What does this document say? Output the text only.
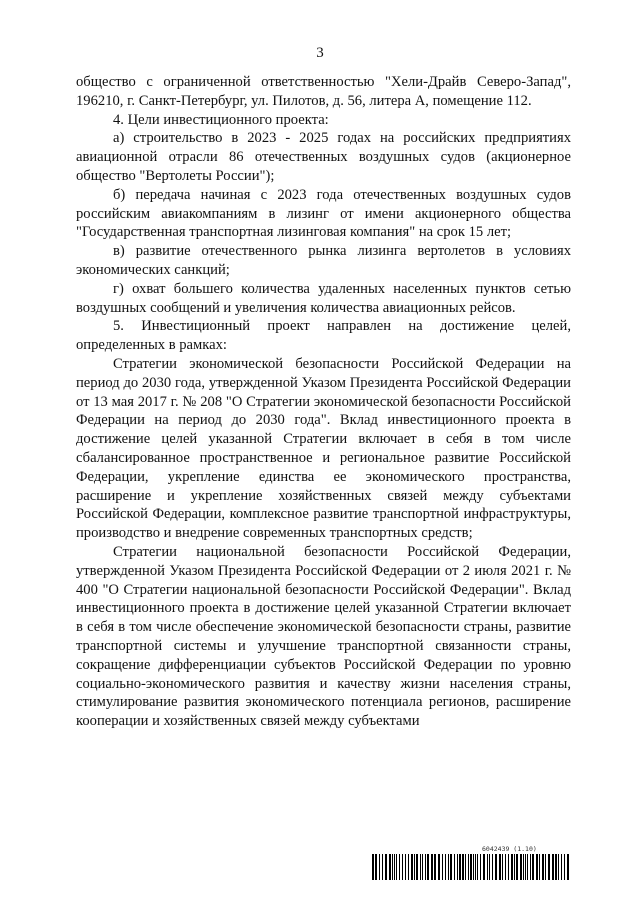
3

общество с ограниченной ответственностью "Хели-Драйв Северо-Запад", 196210, г. Санкт-Петербург, ул. Пилотов, д. 56, литера А, помещение 112.

4. Цели инвестиционного проекта:

а) строительство в 2023 - 2025 годах на российских предприятиях авиационной отрасли 86 отечественных воздушных судов (акционерное общество "Вертолеты России");

б) передача начиная с 2023 года отечественных воздушных судов российским авиакомпаниям в лизинг от имени акционерного общества "Государственная транспортная лизинговая компания" на срок 15 лет;

в) развитие отечественного рынка лизинга вертолетов в условиях экономических санкций;

г) охват большего количества удаленных населенных пунктов сетью воздушных сообщений и увеличения количества авиационных рейсов.

5. Инвестиционный проект направлен на достижение целей, определенных в рамках:

Стратегии экономической безопасности Российской Федерации на период до 2030 года, утвержденной Указом Президента Российской Федерации от 13 мая 2017 г. № 208 "О Стратегии экономической безопасности Российской Федерации на период до 2030 года". Вклад инвестиционного проекта в достижение целей указанной Стратегии включает в себя в том числе сбалансированное пространственное и региональное развитие Российской Федерации, укрепление единства ее экономического пространства, расширение и укрепление хозяйственных связей между субъектами Российской Федерации, комплексное развитие транспортной инфраструктуры, производство и внедрение современных транспортных средств;

Стратегии национальной безопасности Российской Федерации, утвержденной Указом Президента Российской Федерации от 2 июля 2021 г. № 400 "О Стратегии национальной безопасности Российской Федерации". Вклад инвестиционного проекта в достижение целей указанной Стратегии включает в себя в том числе обеспечение экономической безопасности страны, развитие транспортной системы и улучшение транспортной связанности страны, сокращение дифференциации субъектов Российской Федерации по уровню социально-экономического развития и качеству жизни населения страны, стимулирование развития экономического потенциала регионов, расширение кооперации и хозяйственных связей между субъектами

6042439 (1.10)
